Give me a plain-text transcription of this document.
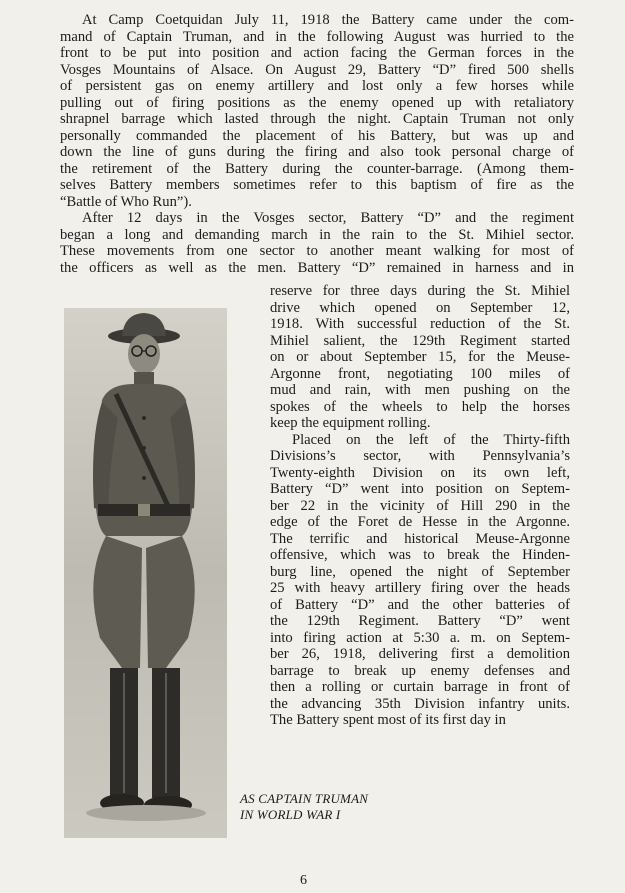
At Camp Coetquidan July 11, 1918 the Battery came under the com-
mand of Captain Truman, and in the following August was hurried to the
front to be put into position and action facing the German forces in the
Vosges Mountains of Alsace. On August 29, Battery “D” fired 500 shells
of persistent gas on enemy artillery and lost only a few horses while
pulling out of firing positions as the enemy opened up with retaliatory
shrapnel barrage which lasted through the night. Captain Truman not only
personally commanded the placement of his Battery, but was up and
down the line of guns during the firing and also took personal charge of
the retirement of the Battery during the counter-barrage. (Among them-
selves Battery members sometimes refer to this baptism of fire as the
“Battle of Who Run”).
After 12 days in the Vosges sector, Battery “D” and the regiment
began a long and demanding march in the rain to the St. Mihiel sector.
These movements from one sector to another meant walking for most of
the officers as well as the men. Battery “D” remained in harness and in
reserve for three days during the St. Mihiel
drive which opened on September 12,
1918. With successful reduction of the St.
Mihiel salient, the 129th Regiment started
on or about September 15, for the Meuse-
Argonne front, negotiating 100 miles of
mud and rain, with men pushing on the
spokes of the wheels to help the horses
keep the equipment rolling.
Placed on the left of the Thirty-fifth
Divisions’s sector, with Pennsylvania’s
Twenty-eighth Division on its own left,
Battery “D” went into position on Septem-
ber 22 in the vicinity of Hill 290 in the
edge of the Foret de Hesse in the Argonne.
The terrific and historical Meuse-Argonne
offensive, which was to break the Hinden-
burg line, opened the night of September
25 with heavy artillery firing over the heads
of Battery “D” and the other batteries of
the 129th Regiment. Battery “D” went
into firing action at 5:30 a. m. on Septem-
ber 26, 1918, delivering first a demolition
barrage to break up enemy defenses and
then a rolling or curtain barrage in front of
the advancing 35th Division infantry units.
The Battery spent most of its first day in
AS CAPTAIN TRUMAN
IN WORLD WAR I
6
